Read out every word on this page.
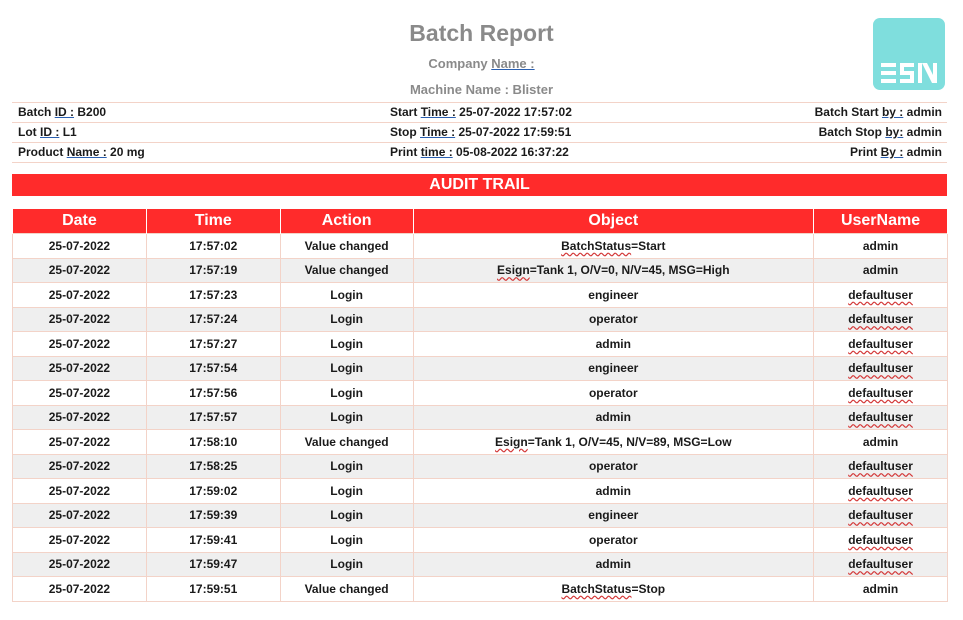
Batch Report
Company Name :
Machine Name : Blister
Batch ID : B200	Start Time : 25-07-2022 17:57:02	Batch Start by : admin
Lot ID : L1	Stop Time : 25-07-2022 17:59:51	Batch Stop by: admin
Product Name : 20 mg	Print time : 05-08-2022 16:37:22	Print By : admin
AUDIT TRAIL
Date	Time	Action	Object	UserName
25-07-2022	17:57:02	Value changed	BatchStatus=Start	admin
25-07-2022	17:57:19	Value changed	Esign=Tank 1, O/V=0, N/V=45, MSG=High	admin
25-07-2022	17:57:23	Login	engineer	defaultuser
25-07-2022	17:57:24	Login	operator	defaultuser
25-07-2022	17:57:27	Login	admin	defaultuser
25-07-2022	17:57:54	Login	engineer	defaultuser
25-07-2022	17:57:56	Login	operator	defaultuser
25-07-2022	17:57:57	Login	admin	defaultuser
25-07-2022	17:58:10	Value changed	Esign=Tank 1, O/V=45, N/V=89, MSG=Low	admin
25-07-2022	17:58:25	Login	operator	defaultuser
25-07-2022	17:59:02	Login	admin	defaultuser
25-07-2022	17:59:39	Login	engineer	defaultuser
25-07-2022	17:59:41	Login	operator	defaultuser
25-07-2022	17:59:47	Login	admin	defaultuser
25-07-2022	17:59:51	Value changed	BatchStatus=Stop	admin
